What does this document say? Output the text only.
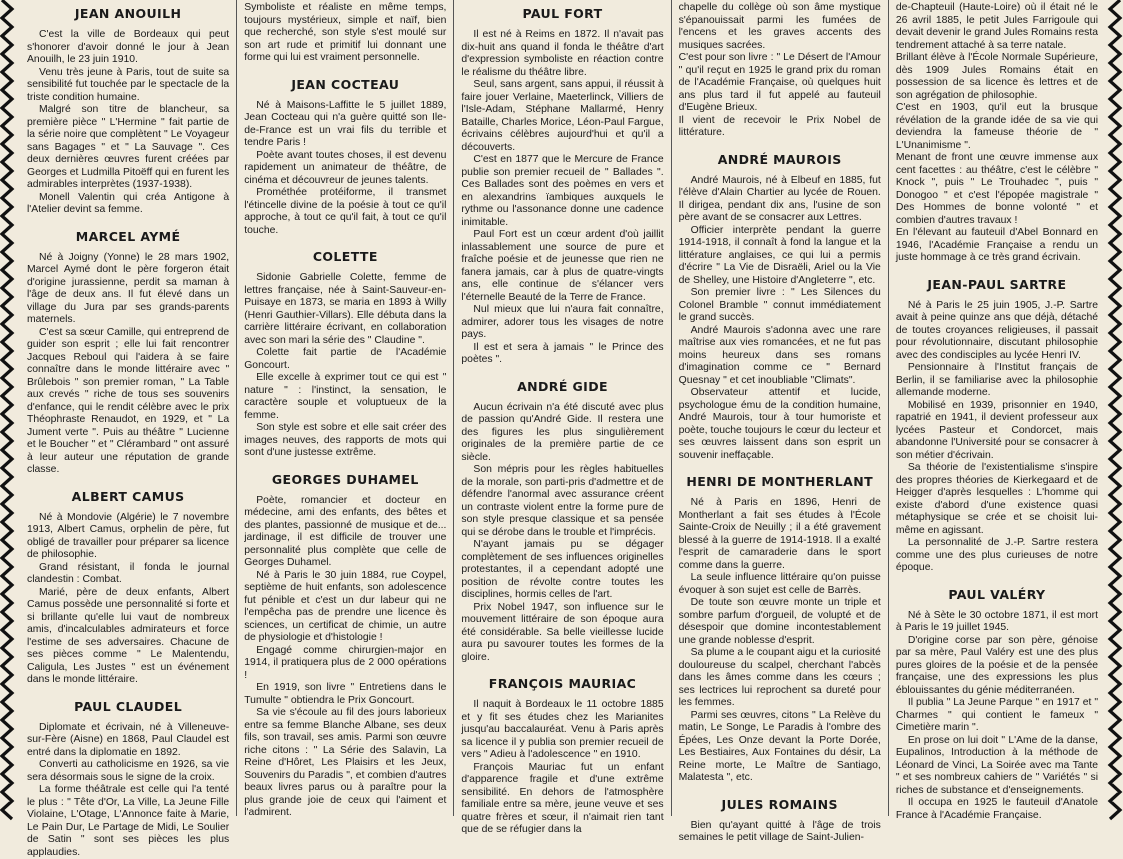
JEAN ANOUILH

C'est la ville de Bordeaux qui peut s'honorer d'avoir donné le jour à Jean Anouilh, le 23 juin 1910.

Venu très jeune à Paris, tout de suite sa sensibilité fut touchée par le spectacle de la triste condition humaine.

Malgré son titre de blancheur, sa première pièce " L'Hermine " fait partie de la série noire que complètent " Le Voyageur sans Bagages " et " La Sauvage ". Ces deux dernières œuvres furent créées par Georges et Ludmilla Pitoëff qui en furent les admirables interprètes (1937-1938).

Monell Valentin qui créa Antigone à l'Atelier devint sa femme.

MARCEL AYMÉ

Né à Joigny (Yonne) le 28 mars 1902, Marcel Aymé dont le père forgeron était d'origine jurassienne, perdit sa maman à l'âge de deux ans. Il fut élevé dans un village du Jura par ses grands-parents maternels.

C'est sa sœur Camille, qui entreprend de guider son esprit ; elle lui fait rencontrer Jacques Reboul qui l'aidera à se faire connaître dans le monde littéraire avec " Brûlebois " son premier roman, " La Table aux crevés " riche de tous ses souvenirs d'enfance, qui le rendit célèbre avec le prix Théophraste Renaudot, en 1929, et " La Jument verte ". Puis au théâtre " Lucienne et le Boucher " et " Clérambard " ont assuré à leur auteur une réputation de grande classe.

ALBERT CAMUS

Né à Mondovie (Algérie) le 7 novembre 1913, Albert Camus, orphelin de père, fut obligé de travailler pour préparer sa licence de philosophie.

Grand résistant, il fonda le journal clandestin : Combat.

Marié, père de deux enfants, Albert Camus possède une personnalité si forte et si brillante qu'elle lui vaut de nombreux amis, d'incalculables admirateurs et force l'estime de ses adversaires. Chacune de ses pièces comme " Le Malentendu, Caligula, Les Justes " est un événement dans le monde littéraire.

PAUL CLAUDEL

Diplomate et écrivain, né à Villeneuve-sur-Fère (Aisne) en 1868, Paul Claudel est entré dans la diplomatie en 1892.

Converti au catholicisme en 1926, sa vie sera désormais sous le signe de la croix.

La forme théâtrale est celle qui l'a tenté le plus : " Tête d'Or, La Ville, La Jeune Fille Violaine, L'Otage, L'Annonce faite à Marie, Le Pain Dur, Le Partage de Midi, Le Soulier de Satin " sont ses pièces les plus applaudies.

Symboliste et réaliste en même temps, toujours mystérieux, simple et naïf, bien que recherché, son style s'est moulé sur son art rude et primitif lui donnant une forme qui lui est vraiment personnelle.

JEAN COCTEAU

Né à Maisons-Laffitte le 5 juillet 1889, Jean Cocteau qui n'a guère quitté son Ile-de-France est un vrai fils du terrible et tendre Paris !

Poète avant toutes choses, il est devenu rapidement un animateur de théâtre, de cinéma et découvreur de jeunes talents.

Prométhée protéiforme, il transmet l'étincelle divine de la poésie à tout ce qu'il approche, à tout ce qu'il fait, à tout ce qu'il touche.

COLETTE

Sidonie Gabrielle Colette, femme de lettres française, née à Saint-Sauveur-en-Puisaye en 1873, se maria en 1893 à Willy (Henri Gauthier-Villars). Elle débuta dans la carrière littéraire écrivant, en collaboration avec son mari la série des " Claudine ".

Colette fait partie de l'Académie Goncourt.

Elle excelle à exprimer tout ce qui est " nature " : l'instinct, la sensation, le caractère souple et voluptueux de la femme.

Son style est sobre et elle sait créer des images neuves, des rapports de mots qui sont d'une justesse extrême.

GEORGES DUHAMEL

Poète, romancier et docteur en médecine, ami des enfants, des bêtes et des plantes, passionné de musique et de... jardinage, il est difficile de trouver une personnalité plus complète que celle de Georges Duhamel.

Né à Paris le 30 juin 1884, rue Coypel, septième de huit enfants, son adolescence fut pénible et c'est un dur labeur qui ne l'empêcha pas de prendre une licence ès sciences, un certificat de chimie, un autre de physiologie et d'histologie !

Engagé comme chirurgien-major en 1914, il pratiquera plus de 2 000 opérations !

En 1919, son livre " Entretiens dans le Tumulte " obtiendra le Prix Goncourt.

Sa vie s'écoule au fil des jours laborieux entre sa femme Blanche Albane, ses deux fils, son travail, ses amis. Parmi son œuvre riche citons : " La Série des Salavin, La Reine d'Hôret, Les Plaisirs et les Jeux, Souvenirs du Paradis ", et combien d'autres beaux livres parus ou à paraître pour la plus grande joie de ceux qui l'aiment et l'admirent.

PAUL FORT

Il est né à Reims en 1872. Il n'avait pas dix-huit ans quand il fonda le théâtre d'art d'expression symboliste en réaction contre le réalisme du théâtre libre.

Seul, sans argent, sans appui, il réussit à faire jouer Verlaine, Maeterlinck, Villiers de l'Isle-Adam, Stéphane Mallarmé, Henry Bataille, Charles Morice, Léon-Paul Fargue, écrivains célèbres aujourd'hui et qu'il a découverts.

C'est en 1877 que le Mercure de France publie son premier recueil de " Ballades ". Ces Ballades sont des poèmes en vers et en alexandrins ïambiques auxquels le rythme ou l'assonance donne une cadence inimitable.

Paul Fort est un cœur ardent d'où jaillit inlassablement une source de pure et fraîche poésie et de jeunesse que rien ne fanera jamais, car à plus de quatre-vingts ans, elle continue de s'élancer vers l'éternelle Beauté de la Terre de France.

Nul mieux que lui n'aura fait connaître, admirer, adorer tous les visages de notre pays.

Il est et sera à jamais " le Prince des poètes ".

ANDRÉ GIDE

Aucun écrivain n'a été discuté avec plus de passion qu'André Gide. Il restera une des figures les plus singulièrement originales de la première partie de ce siècle.

Son mépris pour les règles habituelles de la morale, son parti-pris d'admettre et de défendre l'anormal avec assurance créent un contraste violent entre la forme pure de son style presque classique et sa pensée qui se dérobe dans le trouble et l'imprécis.

N'ayant jamais pu se dégager complètement de ses influences originelles protestantes, il a cependant adopté une position de révolte contre toutes les disciplines, hormis celles de l'art.

Prix Nobel 1947, son influence sur le mouvement littéraire de son époque aura été considérable. Sa belle vieillesse lucide aura pu savourer toutes les formes de la gloire.

FRANÇOIS MAURIAC

Il naquit à Bordeaux le 11 octobre 1885 et y fit ses études chez les Marianites jusqu'au baccalauréat. Venu à Paris après sa licence il y publia son premier recueil de vers " Adieu à l'adolescence " en 1910.

François Mauriac fut un enfant d'apparence fragile et d'une extrême sensibilité. En dehors de l'atmosphère familiale entre sa mère, jeune veuve et ses quatre frères et sœur, il n'aimait rien tant que de se réfugier dans la

chapelle du collège où son âme mystique s'épanouissait parmi les fumées de l'encens et les graves accents des musiques sacrées.

C'est pour son livre : " Le Désert de l'Amour " qu'il reçut en 1925 le grand prix du roman de l'Académie Française, où quelques huit ans plus tard il fut appelé au fauteuil d'Eugène Brieux.

Il vient de recevoir le Prix Nobel de littérature.

ANDRÉ MAUROIS

André Maurois, né à Elbeuf en 1885, fut l'élève d'Alain Chartier au lycée de Rouen. Il dirigea, pendant dix ans, l'usine de son père avant de se consacrer aux Lettres.

Officier interprète pendant la guerre 1914-1918, il connaît à fond la langue et la littérature anglaises, ce qui lui a permis d'écrire " La Vie de Disraëli, Ariel ou la Vie de Shelley, une Histoire d'Angleterre ", etc.

Son premier livre : " Les Silences du Colonel Bramble " connut immédiatement le grand succès.

André Maurois s'adonna avec une rare maîtrise aux vies romancées, et ne fut pas moins heureux dans ses romans d'imagination comme ce " Bernard Quesnay " et cet inoubliable "Climats".

Observateur attentif et lucide, psychologue ému de la condition humaine, André Maurois, tour à tour humoriste et poète, touche toujours le cœur du lecteur et ses œuvres laissent dans son esprit un souvenir ineffaçable.

HENRI DE MONTHERLANT

Né à Paris en 1896, Henri de Montherlant a fait ses études à l'École Sainte-Croix de Neuilly ; il a été gravement blessé à la guerre de 1914-1918. Il a exalté l'esprit de camaraderie dans le sport comme dans la guerre.

La seule influence littéraire qu'on puisse évoquer à son sujet est celle de Barrès.

De toute son œuvre monte un triple et sombre parfum d'orgueil, de volupté et de désespoir que domine incontestablement une grande noblesse d'esprit.

Sa plume a le coupant aigu et la curiosité douloureuse du scalpel, cherchant l'abcès dans les âmes comme dans les cœurs ; ses lectrices lui reprochent sa dureté pour les femmes.

Parmi ses œuvres, citons " La Relève du matin, Le Songe, Le Paradis à l'ombre des Épées, Les Onze devant la Porte Dorée, Les Bestiaires, Aux Fontaines du désir, La Reine morte, Le Maître de Santiago, Malatesta ", etc.

JULES ROMAINS

Bien qu'ayant quitté à l'âge de trois semaines le petit village de Saint-Julien-

de-Chapteuil (Haute-Loire) où il était né le 26 avril 1885, le petit Jules Farrigoule qui devait devenir le grand Jules Romains resta tendrement attaché à sa terre natale.

Brillant élève à l'École Normale Supérieure, dès 1909 Jules Romains était en possession de sa licence ès lettres et de son agrégation de philosophie.

C'est en 1903, qu'il eut la brusque révélation de la grande idée de sa vie qui deviendra la fameuse théorie de " L'Unanimisme ".

Menant de front une œuvre immense aux cent facettes : au théâtre, c'est le célèbre " Knock ", puis " Le Trouhadec ", puis " Donogoo " et c'est l'épopée magistrale " Des Hommes de bonne volonté " et combien d'autres travaux !

En l'élevant au fauteuil d'Abel Bonnard en 1946, l'Académie Française a rendu un juste hommage à ce très grand écrivain.

JEAN-PAUL SARTRE

Né à Paris le 25 juin 1905, J.-P. Sartre avait à peine quinze ans que déjà, détaché de toutes croyances religieuses, il passait pour révolutionnaire, discutant philosophie avec des condisciples au lycée Henri IV.

Pensionnaire à l'Institut français de Berlin, il se familiarise avec la philosophie allemande moderne.

Mobilisé en 1939, prisonnier en 1940, rapatrié en 1941, il devient professeur aux lycées Pasteur et Condorcet, mais abandonne l'Université pour se consacrer à son métier d'écrivain.

Sa théorie de l'existentialisme s'inspire des propres théories de Kierkegaard et de Heigger d'après lesquelles : L'homme qui existe d'abord d'une existence quasi métaphysique se crée et se choisit lui-même en agissant.

La personnalité de J.-P. Sartre restera comme une des plus curieuses de notre époque.

PAUL VALÉRY

Né à Sète le 30 octobre 1871, il est mort à Paris le 19 juillet 1945.

D'origine corse par son père, génoise par sa mère, Paul Valéry est une des plus pures gloires de la poésie et de la pensée française, une des expressions les plus éblouissantes du génie méditerranéen.

Il publia " La Jeune Parque " en 1917 et " Charmes " qui contient le fameux " Cimetière marin ".

En prose on lui doit " L'Ame de la danse, Eupalinos, Introduction à la méthode de Léonard de Vinci, La Soirée avec ma Tante " et ses nombreux cahiers de " Variétés " si riches de substance et d'enseignements.

Il occupa en 1925 le fauteuil d'Anatole France à l'Académie Française.
